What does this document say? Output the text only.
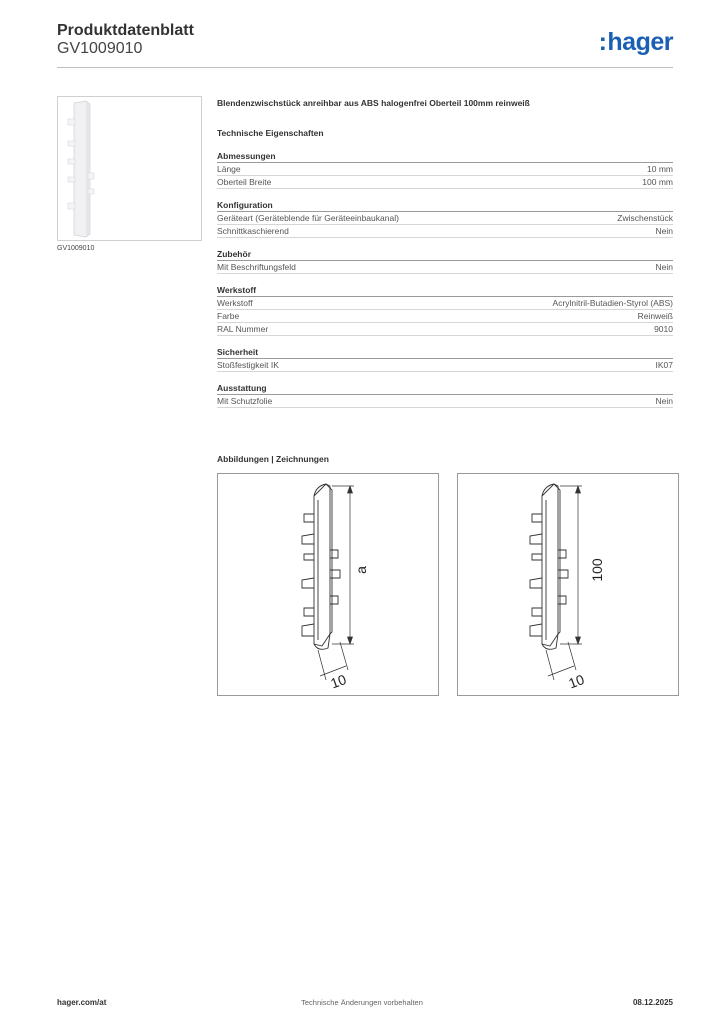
Produktdatenblatt
GV1009010	:hager
GV1009010
Blendenzwischstück anreihbar aus ABS halogenfrei Oberteil 100mm reinweiß
Technische Eigenschaften
Abmessungen
Länge	10 mm
Oberteil Breite	100 mm
Konfiguration
Geräteart (Geräteblende für Geräteeinbaukanal)	Zwischenstück
Schnittkaschierend	Nein
Zubehör
Mit Beschriftungsfeld	Nein
Werkstoff
Werkstoff	Acrylnitril-Butadien-Styrol (ABS)
Farbe	Reinweiß
RAL Nummer	9010
Sicherheit
Stoßfestigkeit IK	IK07
Ausstattung
Mit Schutzfolie	Nein
Abbildungen | Zeichnungen
a
10
100
10
Technische Änderungen vorbehalten
hager.com/at	08.12.2025
